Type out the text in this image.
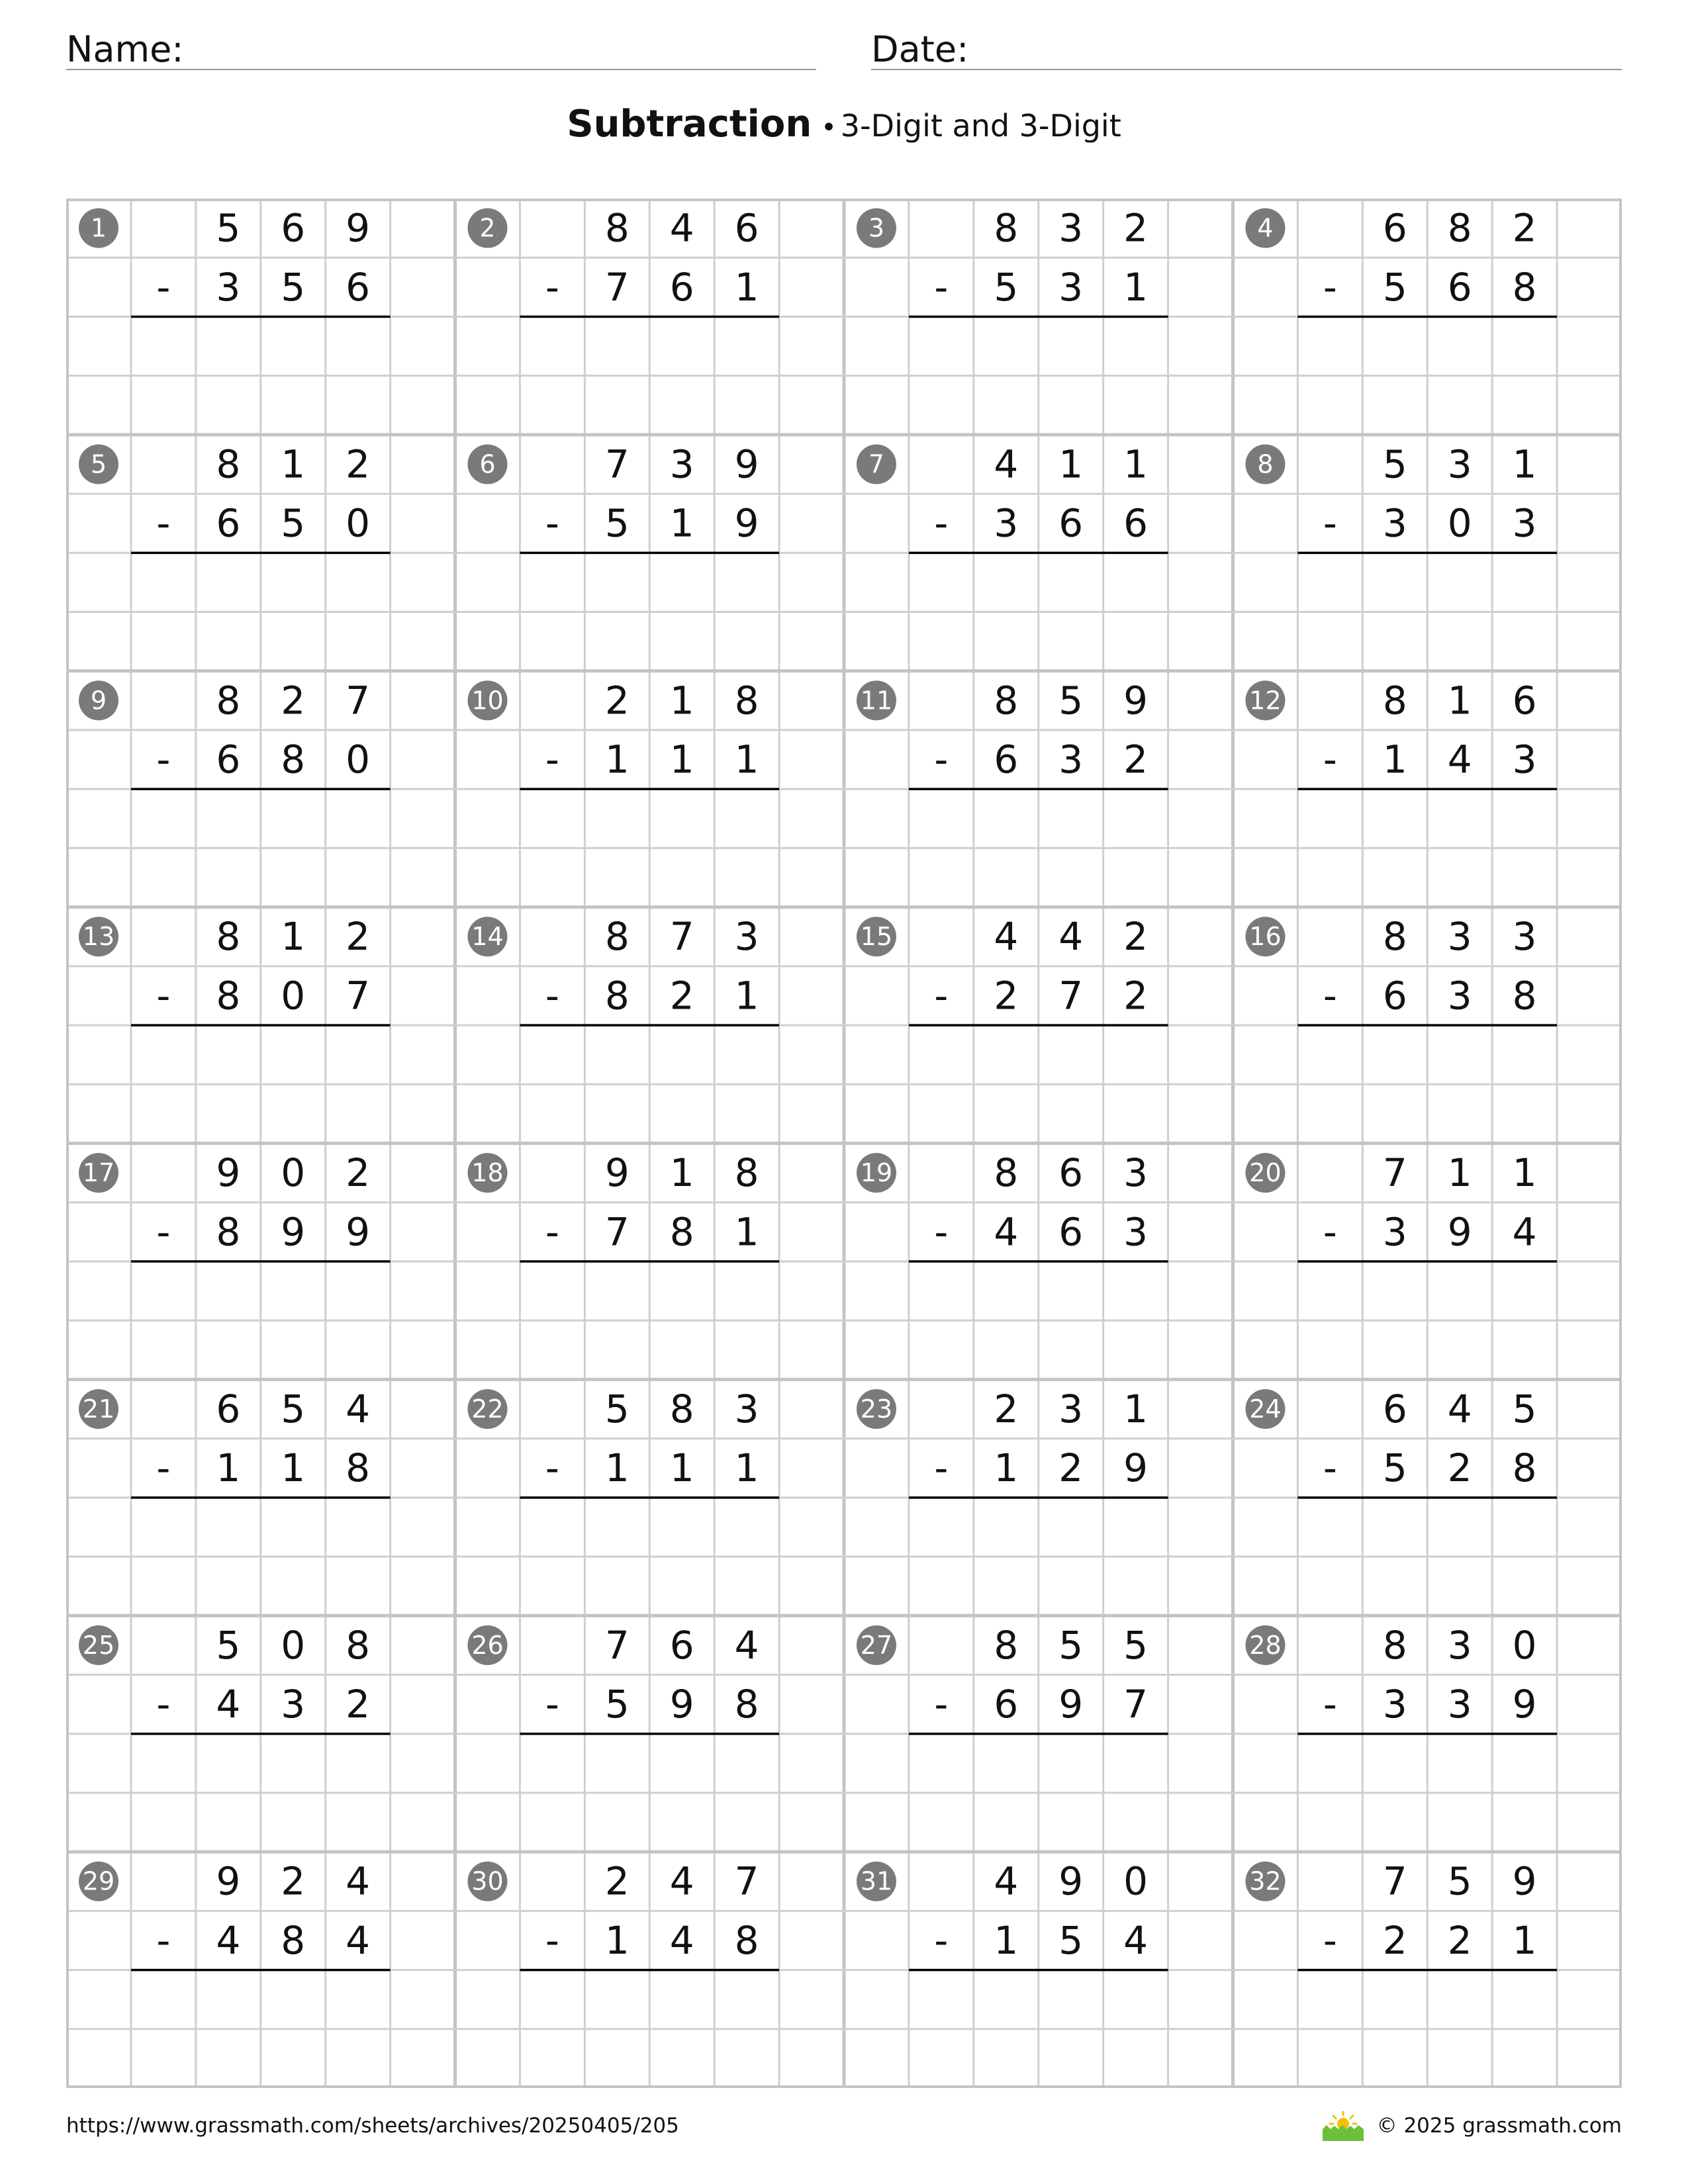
Name:	Date:
Subtraction • 3-Digit and 3-Digit
1	5 6 9
- 3 5 6
2	8 4 6
- 7 6 1
3	8 3 2
- 5 3 1
4	6 8 2
- 5 6 8
5	8 1 2
- 6 5 0
6	7 3 9
- 5 1 9
7	4 1 1
- 3 6 6
8	5 3 1
- 3 0 3
9	8 2 7
- 6 8 0
10	2 1 8
- 1 1 1
11	8 5 9
- 6 3 2
12	8 1 6
- 1 4 3
13	8 1 2
- 8 0 7
14	8 7 3
- 8 2 1
15	4 4 2
- 2 7 2
16	8 3 3
- 6 3 8
17	9 0 2
- 8 9 9
18	9 1 8
- 7 8 1
19	8 6 3
- 4 6 3
20	7 1 1
- 3 9 4
21	6 5 4
- 1 1 8
22	5 8 3
- 1 1 1
23	2 3 1
- 1 2 9
24	6 4 5
- 5 2 8
25	5 0 8
- 4 3 2
26	7 6 4
- 5 9 8
27	8 5 5
- 6 9 7
28	8 3 0
- 3 3 9
29	9 2 4
- 4 8 4
30	2 4 7
- 1 4 8
31	4 9 0
- 1 5 4
32	7 5 9
- 2 2 1
https://www.grassmath.com/sheets/archives/20250405/205	© 2025 grassmath.com
